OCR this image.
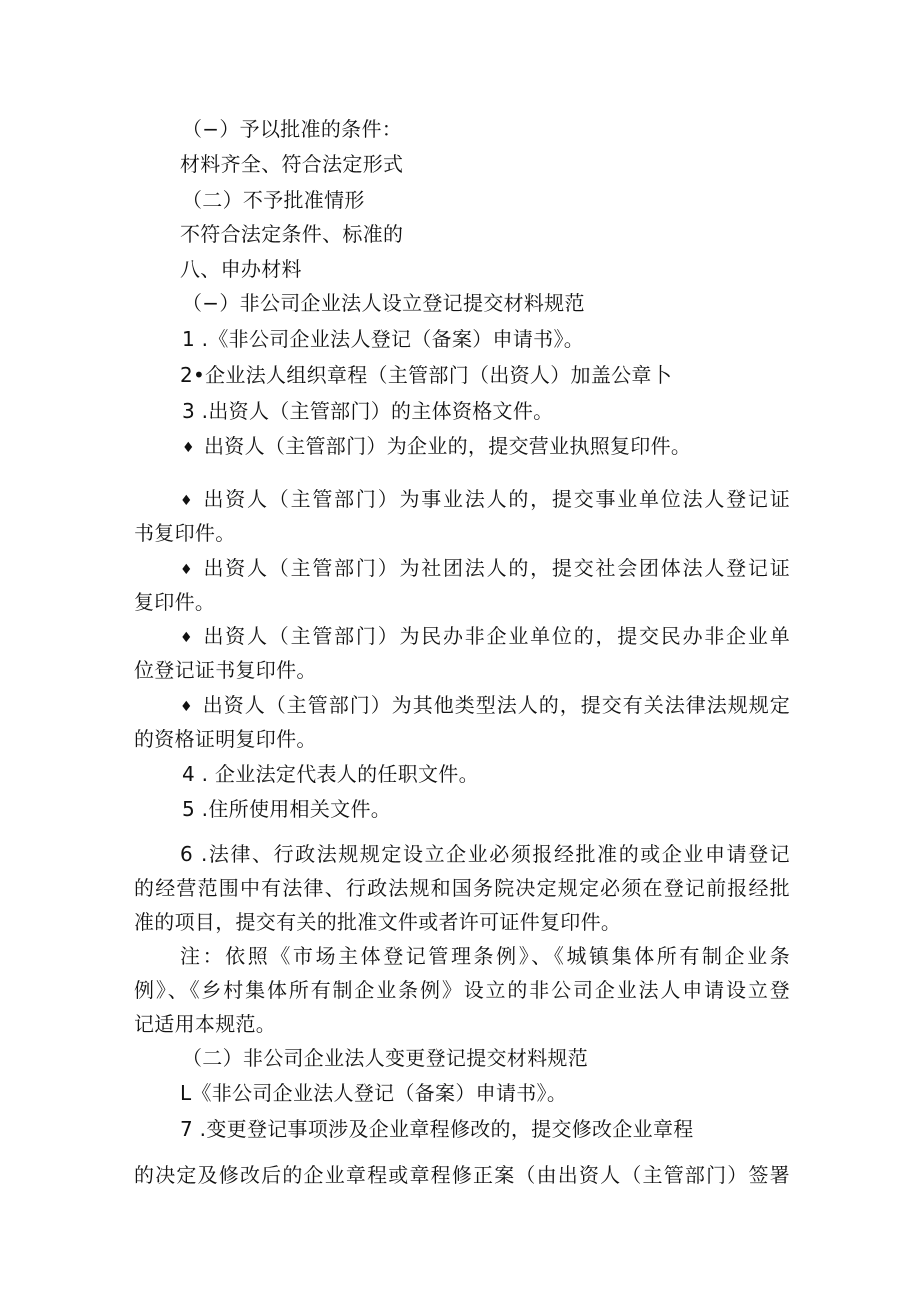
（−）予以批准的条件：
材料齐全、符合法定形式
（二）不予批准情形
不符合法定条件、标准的
八、申办材料
（−）非公司企业法人设立登记提交材料规范
1 .《非公司企业法人登记（备案）申请书》。
2•企业法人组织章程（主管部门（出资人）加盖公章卜
3 .出资人（主管部门）的主体资格文件。
♦ 出资人（主管部门）为企业的，提交营业执照复印件。
♦ 出资人（主管部门）为事业法人的，提交事业单位法人登记证
书复印件。
♦ 出资人（主管部门）为社团法人的，提交社会团体法人登记证
复印件。
♦ 出资人（主管部门）为民办非企业单位的，提交民办非企业单
位登记证书复印件。
♦ 出资人（主管部门）为其他类型法人的，提交有关法律法规规定
的资格证明复印件。
4 . 企业法定代表人的任职文件。
5 .住所使用相关文件。
6 .法律、行政法规规定设立企业必须报经批准的或企业申请登记
的经营范围中有法律、行政法规和国务院决定规定必须在登记前报经批
准的项目，提交有关的批准文件或者许可证件复印件。
注：依照《市场主体登记管理条例》、《城镇集体所有制企业条
例》、《乡村集体所有制企业条例》设立的非公司企业法人申请设立登
记适用本规范。
（二）非公司企业法人变更登记提交材料规范
L《非公司企业法人登记（备案）申请书》。
7 .变更登记事项涉及企业章程修改的，提交修改企业章程
的决定及修改后的企业章程或章程修正案（由出资人（主管部门）签署
